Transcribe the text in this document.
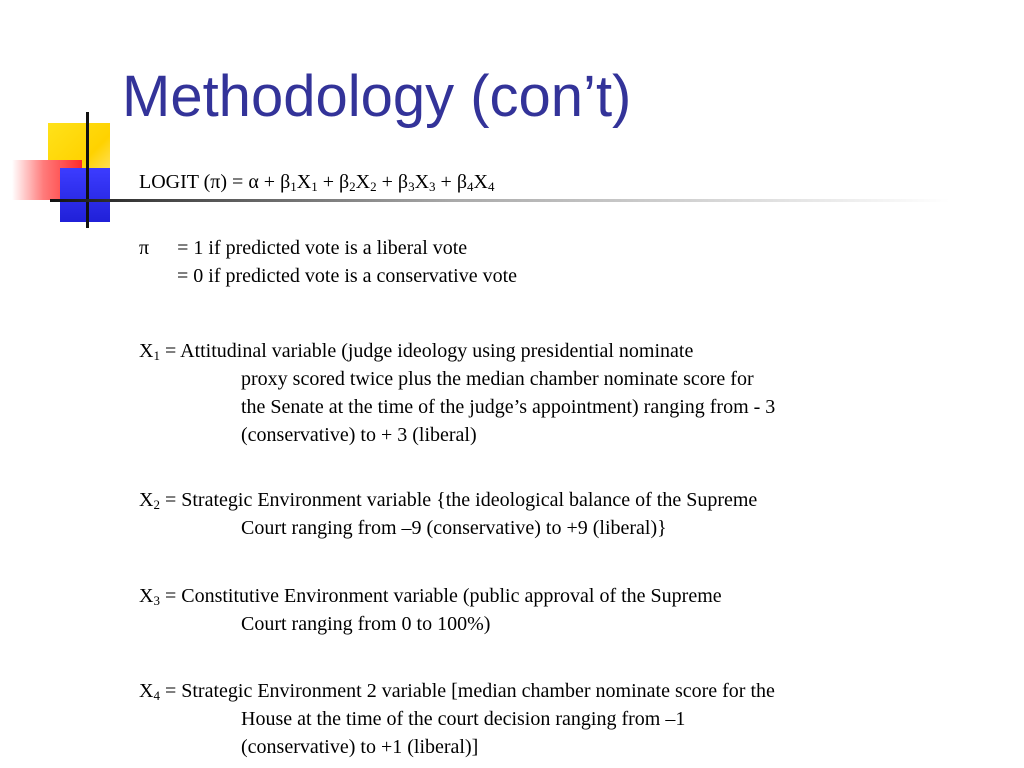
Methodology (con’t)
LOGIT $(\pi) = \alpha + \beta_1X_1 + \beta_2X_2 + \beta_3X_3 + \beta_4X_4$
π = 1 if predicted vote is a liberal vote
= 0 if predicted vote is a conservative vote
$X_1$ = Attitudinal variable (judge ideology using presidential nominate
proxy scored twice plus the median chamber nominate score for
the Senate at the time of the judge’s appointment) ranging from - 3
(conservative) to + 3 (liberal)
$X_2$ = Strategic Environment variable {the ideological balance of the Supreme
Court ranging from –9 (conservative) to +9 (liberal)}
$X_3$ = Constitutive Environment variable (public approval of the Supreme
Court ranging from 0 to 100%)
$X_4$ = Strategic Environment 2 variable [median chamber nominate score for the
House at the time of the court decision ranging from –1
(conservative) to +1 (liberal)]
